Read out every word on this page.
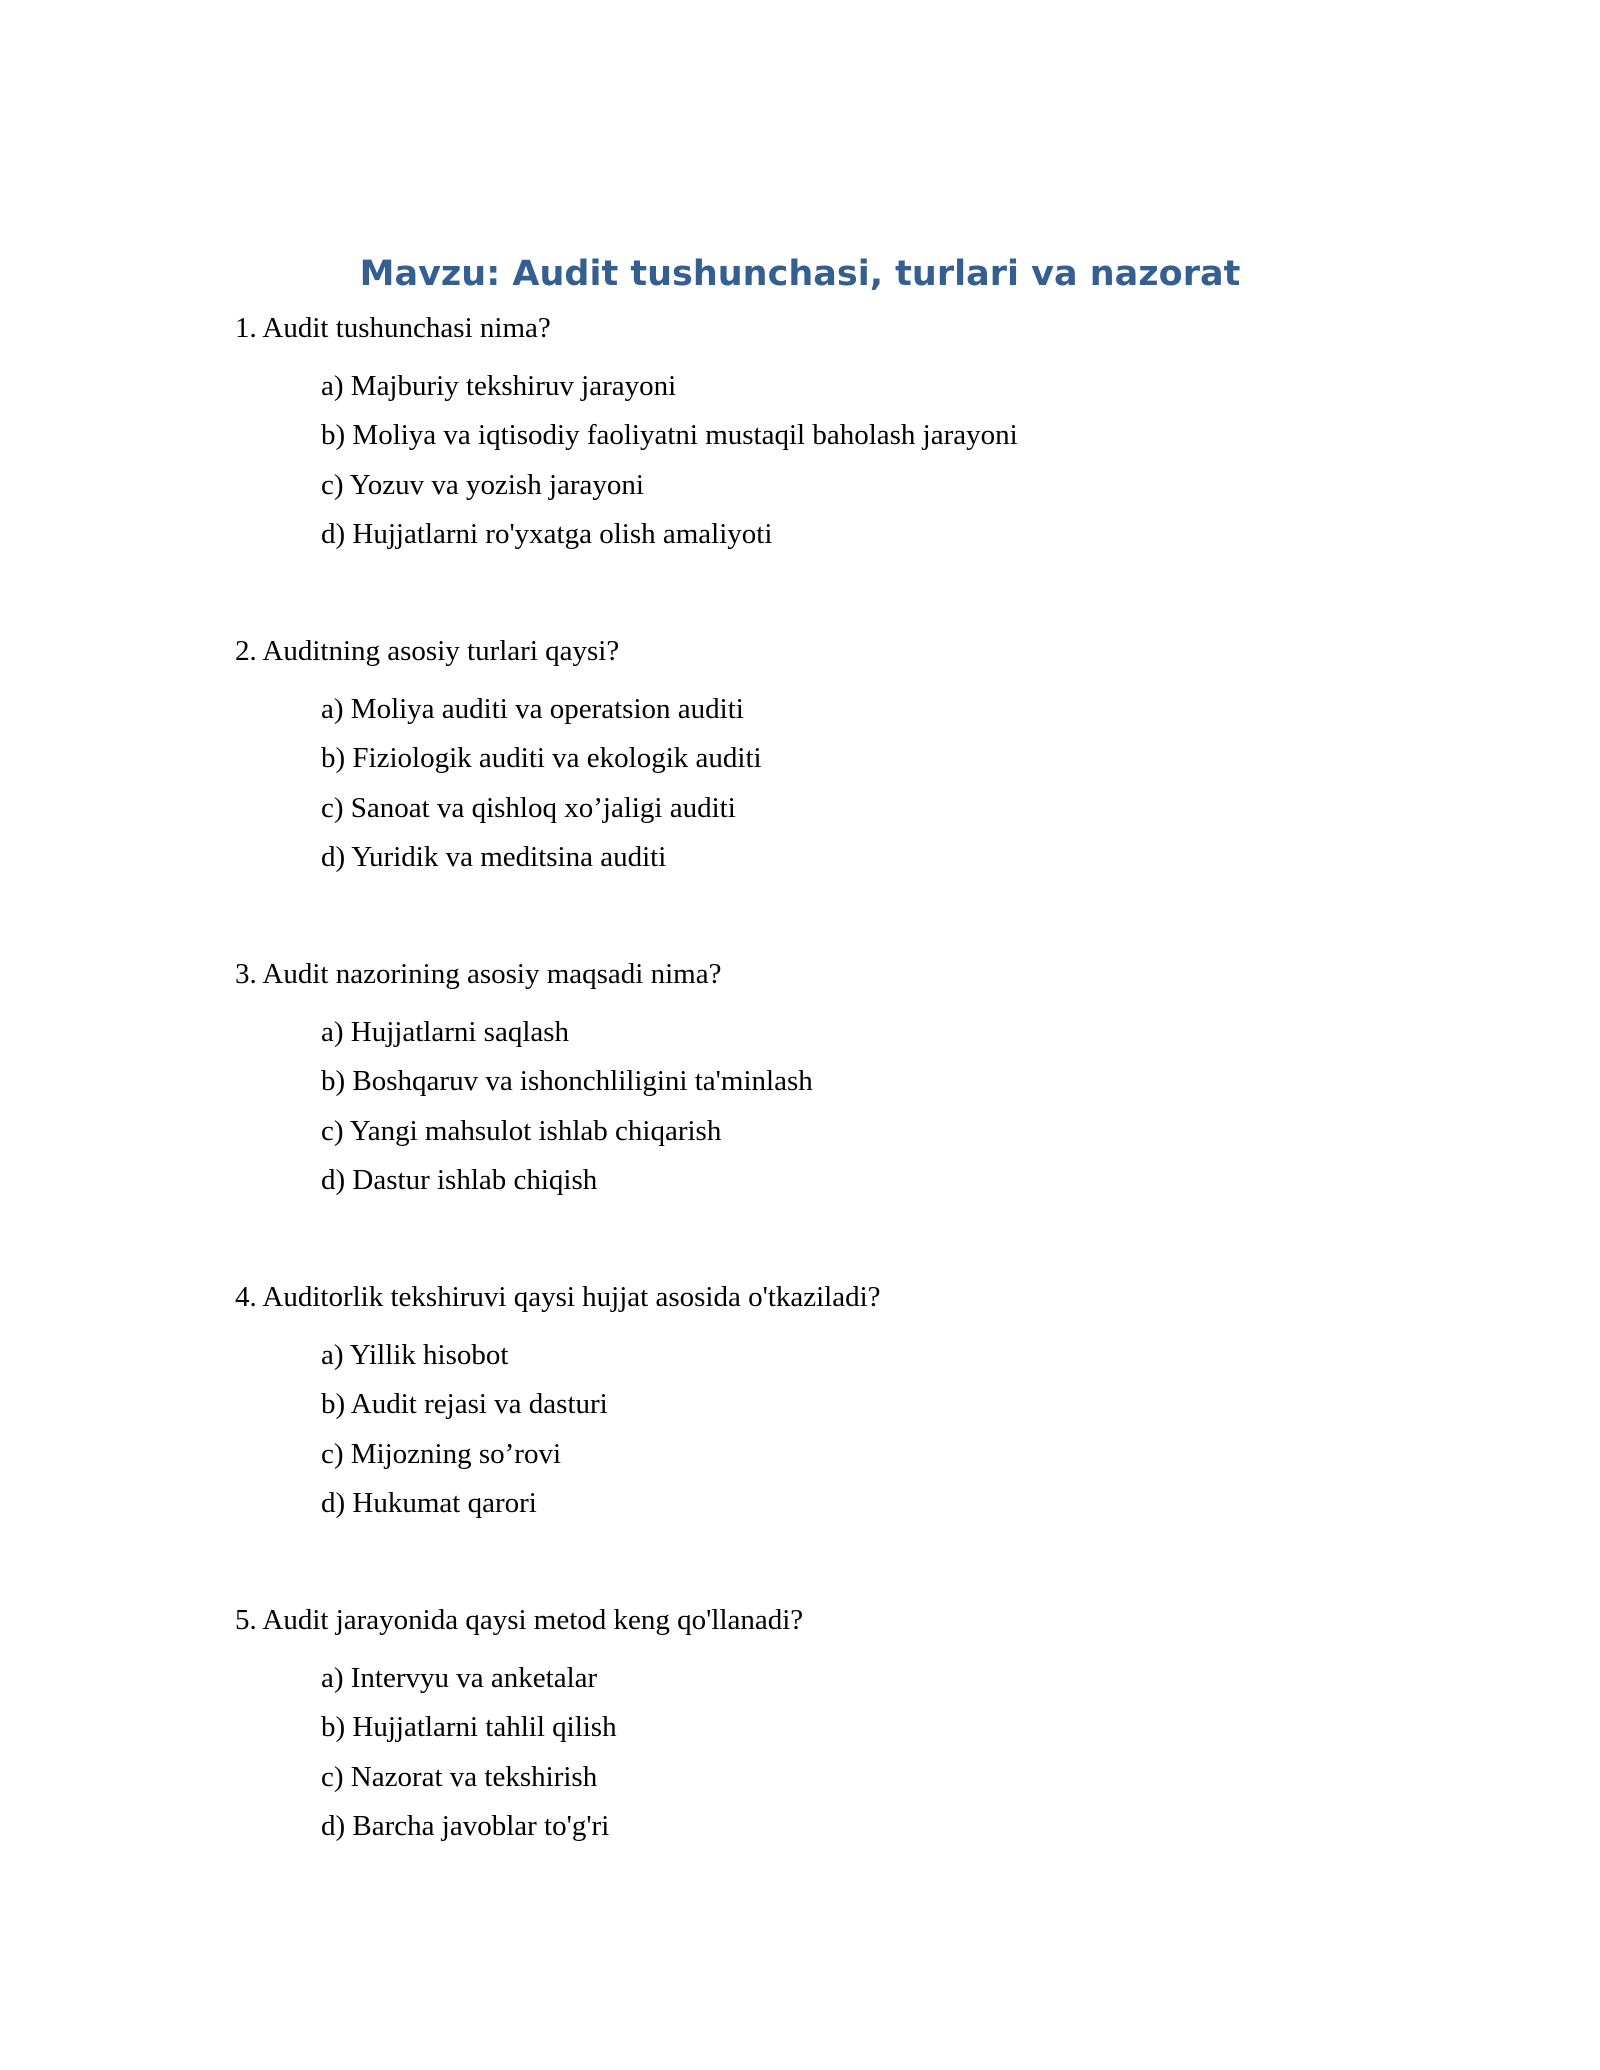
Mavzu: Audit tushunchasi, turlari va nazorat
1. Audit tushunchasi nima?
a) Majburiy tekshiruv jarayoni
b) Moliya va iqtisodiy faoliyatni mustaqil baholash jarayoni
c) Yozuv va yozish jarayoni
d) Hujjatlarni ro'yxatga olish amaliyoti
2. Auditning asosiy turlari qaysi?
a) Moliya auditi va operatsion auditi
b) Fiziologik auditi va ekologik auditi
c) Sanoat va qishloq xo’jaligi auditi
d) Yuridik va meditsina auditi
3. Audit nazorining asosiy maqsadi nima?
a) Hujjatlarni saqlash
b) Boshqaruv va ishonchliligini ta'minlash
c) Yangi mahsulot ishlab chiqarish
d) Dastur ishlab chiqish
4. Auditorlik tekshiruvi qaysi hujjat asosida o'tkaziladi?
a) Yillik hisobot
b) Audit rejasi va dasturi
c) Mijozning so’rovi
d) Hukumat qarori
5. Audit jarayonida qaysi metod keng qo'llanadi?
a) Intervyu va anketalar
b) Hujjatlarni tahlil qilish
c) Nazorat va tekshirish
d) Barcha javoblar to'g'ri
